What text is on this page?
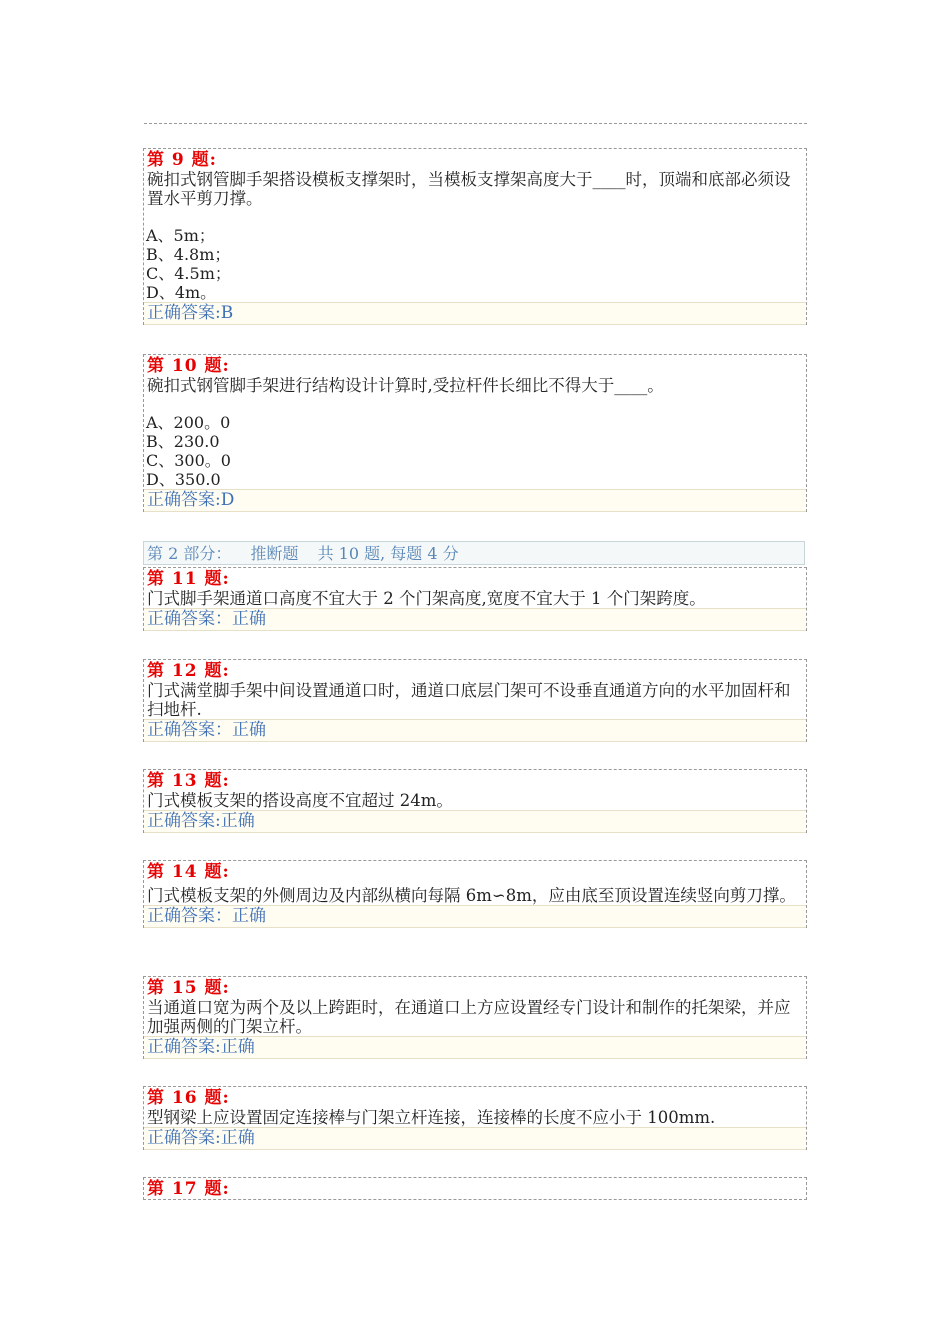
第 9 题:
碗扣式钢管脚手架搭设模板支撑架时，当模板支撑架高度大于____时，顶端和底部必须设置水平剪刀撑。
A、5m；
B、4.8m；
C、4.5m；
D、4m。
正确答案:B
第 10 题:
碗扣式钢管脚手架进行结构设计计算时,受拉杆件长细比不得大于____。
A、200。0
B、230.0
C、300。0
D、350.0
正确答案:D
第 2 部分： 推断题 共 10 题, 每题 4 分
第 11 题:
门式脚手架通道口高度不宜大于 2 个门架高度,宽度不宜大于 1 个门架跨度。
正确答案：正确
第 12 题:
门式满堂脚手架中间设置通道口时，通道口底层门架可不设垂直通道方向的水平加固杆和扫地杆.
正确答案：正确
第 13 题:
门式模板支架的搭设高度不宜超过 24m。
正确答案:正确
第 14 题:
门式模板支架的外侧周边及内部纵横向每隔 6m∽8m，应由底至顶设置连续竖向剪刀撑。
正确答案：正确
第 15 题:
当通道口宽为两个及以上跨距时，在通道口上方应设置经专门设计和制作的托架梁，并应加强两侧的门架立杆。
正确答案:正确
第 16 题:
型钢梁上应设置固定连接棒与门架立杆连接，连接棒的长度不应小于 100mm.
正确答案:正确
第 17 题:
